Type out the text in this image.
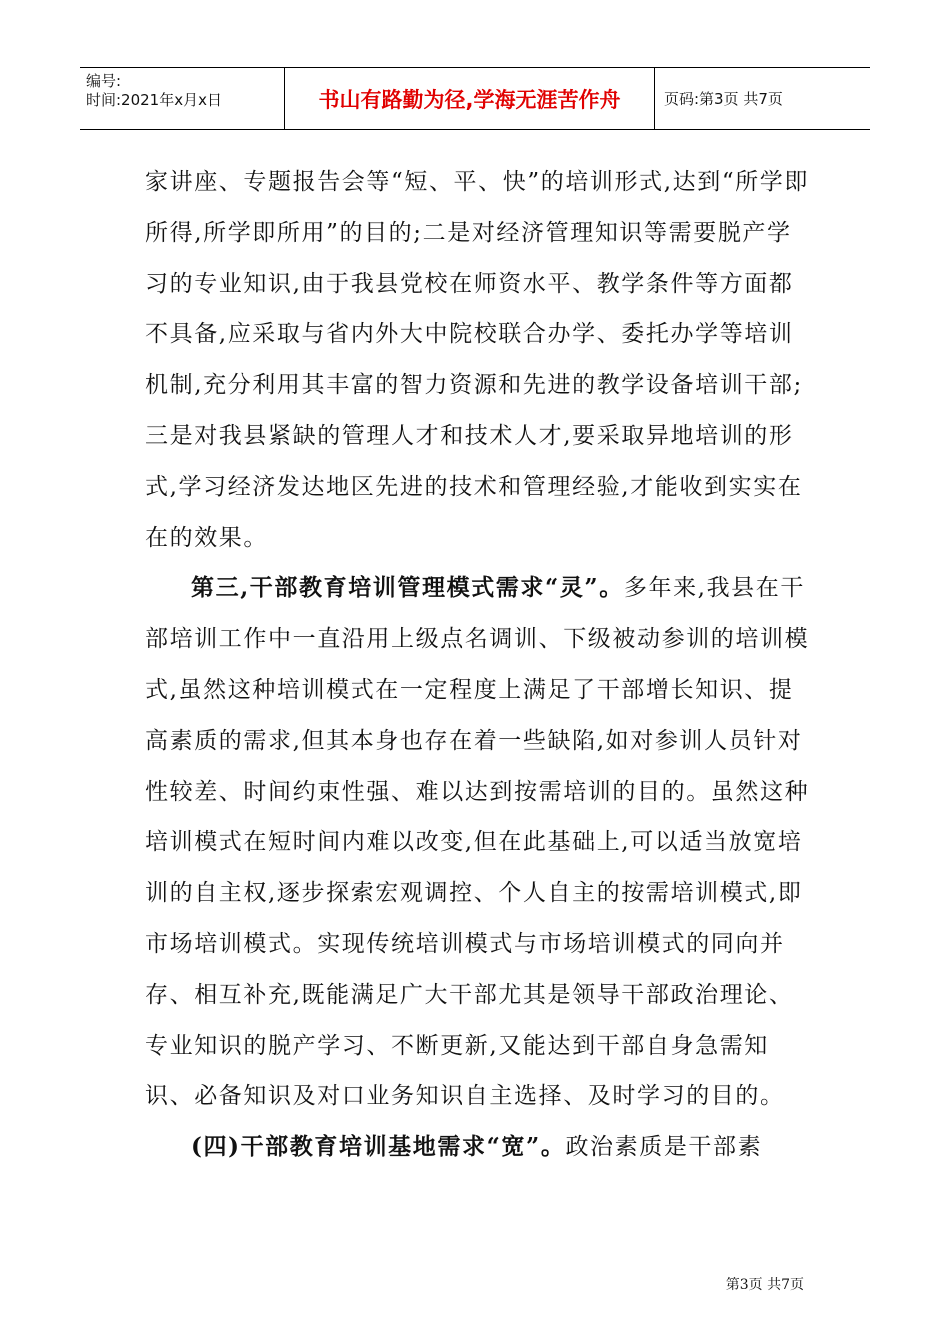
编号:
时间:2021年x月x日	书山有路勤为径,学海无涯苦作舟	页码:第3页 共7页

家讲座、专题报告会等“短、平、快”的培训形式,达到“所学即所得,所学即所用”的目的;二是对经济管理知识等需要脱产学习的专业知识,由于我县党校在师资水平、教学条件等方面都不具备,应采取与省内外大中院校联合办学、委托办学等培训机制,充分利用其丰富的智力资源和先进的教学设备培训干部;三是对我县紧缺的管理人才和技术人才,要采取异地培训的形式,学习经济发达地区先进的技术和管理经验,才能收到实实在在的效果。

第三,干部教育培训管理模式需求“灵”。多年来,我县在干部培训工作中一直沿用上级点名调训、下级被动参训的培训模式,虽然这种培训模式在一定程度上满足了干部增长知识、提高素质的需求,但其本身也存在着一些缺陷,如对参训人员针对性较差、时间约束性强、难以达到按需培训的目的。虽然这种培训模式在短时间内难以改变,但在此基础上,可以适当放宽培训的自主权,逐步探索宏观调控、个人自主的按需培训模式,即市场培训模式。实现传统培训模式与市场培训模式的同向并存、相互补充,既能满足广大干部尤其是领导干部政治理论、专业知识的脱产学习、不断更新,又能达到干部自身急需知识、必备知识及对口业务知识自主选择、及时学习的目的。

(四)干部教育培训基地需求“宽”。政治素质是干部素

第3页 共7页
